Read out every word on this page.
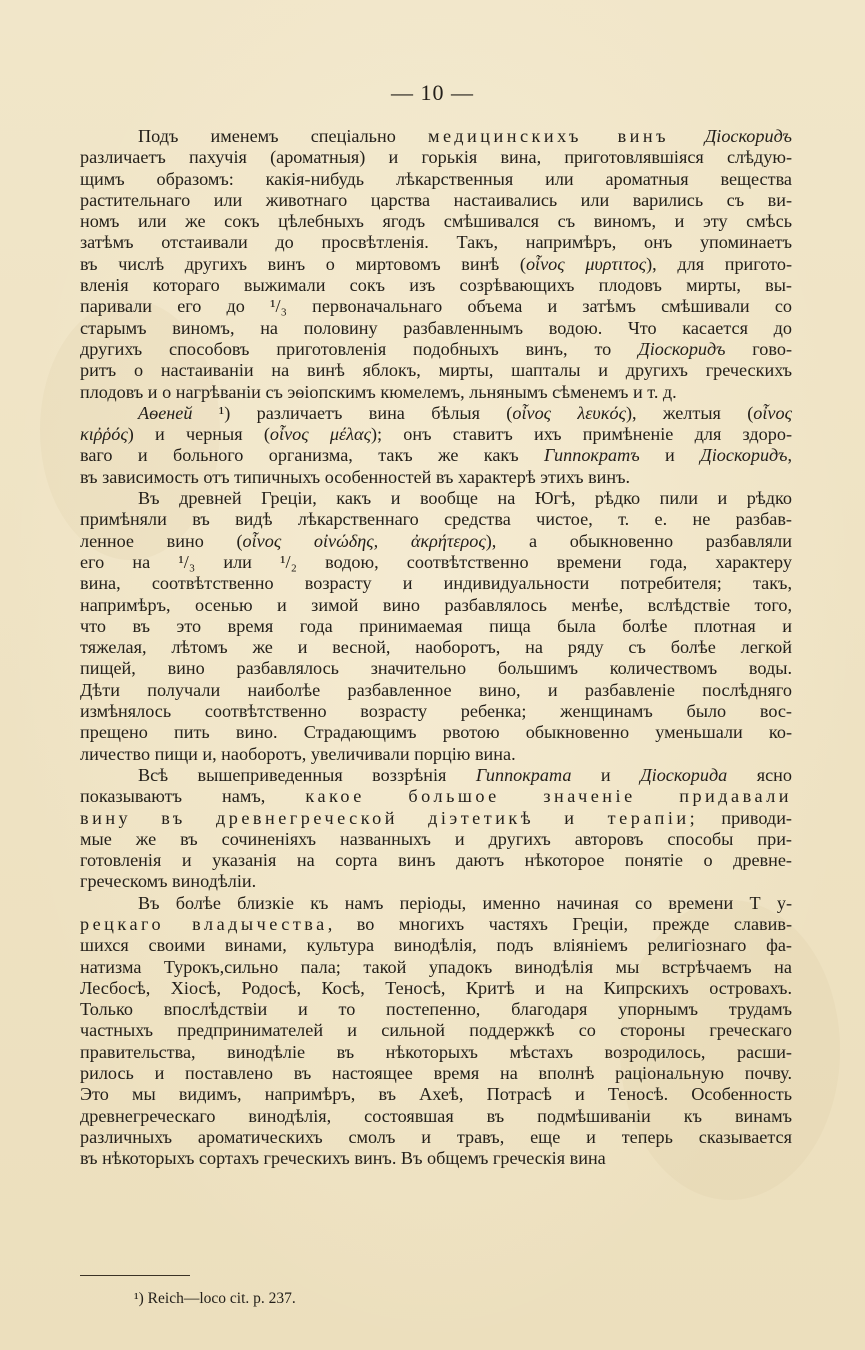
— 10 —
Подъ именемъ спеціально медицинскихъ винъ Діоскоридъ
различаетъ пахучія (ароматныя) и горькія вина, приготовлявшіяся слѣдую-
щимъ образомъ: какія-нибудь лѣкарственныя или ароматныя вещества
растительнаго или животнаго царства настаивались или варились съ ви-
номъ или же сокъ цѣлебныхъ ягодъ смѣшивался съ виномъ, и эту смѣсь
затѣмъ отстаивали до просвѣтленія. Такъ, напримѣръ, онъ упоминаетъ
въ числѣ другихъ винъ о миртовомъ винѣ (οἶνος μυρτιτος), для пригото-
вленія котораго выжимали сокъ изъ созрѣвающихъ плодовъ мирты, вы-
паривали его до ¹/₃ первоначальнаго объема и затѣмъ смѣшивали со
старымъ виномъ, на половину разбавленнымъ водою. Что касается до
другихъ способовъ приготовленія подобныхъ винъ, то Діоскоридъ гово-
ритъ о настаиваніи на винѣ яблокъ, мирты, шапталы и другихъ греческихъ
плодовъ и о нагрѣваніи съ эѳіопскимъ кюмелемъ, льнянымъ сѣменемъ и т. д.
Аѳеней ¹) различаетъ вина бѣлыя (οἶνος λευκός), желтыя (οἶνος
κιῤῥός) и черныя (οἶνος μέλας); онъ ставитъ ихъ примѣненіе для здоро-
ваго и больного организма, такъ же какъ Гиппократъ и Діоскоридъ,
въ зависимость отъ типичныхъ особенностей въ характерѣ этихъ винъ.
Въ древней Греціи, какъ и вообще на Югѣ, рѣдко пили и рѣдко
примѣняли въ видѣ лѣкарственнаго средства чистое, т. е. не разбав-
ленное вино (οἶνος οἰνώδης, ἀκρήτερος), а обыкновенно разбавляли
его на ¹/₃ или ¹/₂ водою, соотвѣтственно времени года, характеру
вина, соотвѣтственно возрасту и индивидуальности потребителя; такъ,
напримѣръ, осенью и зимой вино разбавлялось менѣе, вслѣдствіе того,
что въ это время года принимаемая пища была болѣе плотная и
тяжелая, лѣтомъ же и весной, наоборотъ, на ряду съ болѣе легкой
пищей, вино разбавлялось значительно большимъ количествомъ воды.
Дѣти получали наиболѣе разбавленное вино, и разбавленіе послѣдняго
измѣнялось соотвѣтственно возрасту ребенка; женщинамъ было вос-
прещено пить вино. Страдающимъ рвотою обыкновенно уменьшали ко-
личество пищи и, наоборотъ, увеличивали порцію вина.
Всѣ вышеприведенныя воззрѣнія Гиппократа и Діоскорида ясно
показываютъ намъ, какое большое значеніе придавали
вину въ древнегреческой діэтетикѣ и терапіи; приводи-
мые же въ сочиненіяхъ названныхъ и другихъ авторовъ способы при-
готовленія и указанія на сорта винъ даютъ нѣкоторое понятіе о древне-
греческомъ винодѣліи.
Въ болѣе близкіе къ намъ періоды, именно начиная со времени Т у-
рецкаго владычества, во многихъ частяхъ Греціи, прежде славив-
шихся своими винами, культура винодѣлія, подъ вліяніемъ религіознаго фа-
натизма Турокъ,сильно пала; такой упадокъ винодѣлія мы встрѣчаемъ на
Лесбосѣ, Хіосѣ, Родосѣ, Косѣ, Теносѣ, Критѣ и на Кипрскихъ островахъ.
Только впослѣдствіи и то постепенно, благодаря упорнымъ трудамъ
частныхъ предпринимателей и сильной поддержкѣ со стороны греческаго
правительства, винодѣліе въ нѣкоторыхъ мѣстахъ возродилось, расши-
рилось и поставлено въ настоящее время на вполнѣ раціональную почву.
Это мы видимъ, напримѣръ, въ Ахеѣ, Потрасѣ и Теносѣ. Особенность
древнегреческаго винодѣлія, состоявшая въ подмѣшиваніи къ винамъ
различныхъ ароматическихъ смолъ и травъ, еще и теперь сказывается
въ нѣкоторыхъ сортахъ греческихъ винъ. Въ общемъ греческія вина
¹) Reich—loco cit. p. 237.
